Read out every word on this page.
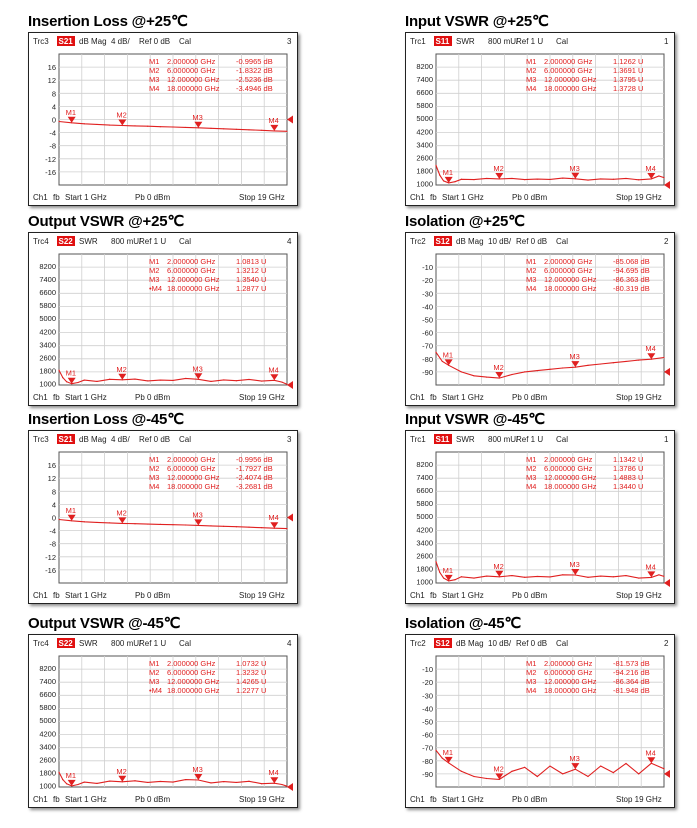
Insertion Loss @+25℃
Trc3 S21 dB Mag 4 dB/ Ref 0 dB Cal	3
16
12
8
4
0
-4
-8
-12
-16
M1	M2	M3	M4
M1 2.000000 GHz	-0.9965 dB
M2 6.000000 GHz	-1.8322 dB
M3 12.000000 GHz -2.5236 dB
M4 18.000000 GHz -3.4946 dB
Ch1 fb Start 1 GHz	Pb 0 dBm	Stop 19 GHz
Input VSWR @+25℃
Trc1 S11 SWR 800 mU/
Ref 1 U Cal	1
8200
7400
6600
5800
5000
4200
3400
2600
1800
1000
M1	M2	M3	M4
M1 2.000000 GHz	1.1262 U
M2 6.000000 GHz	1.3691 U
M3 12.000000 GHz 1.3795 U
M4 18.000000 GHz 1.3728 U
Ch1 fb Start 1 GHz	Pb 0 dBm	Stop 19 GHz
Output VSWR @+25℃
Trc4 S22 SWR 800 mU/
Ref 1 U Cal	4
8200
7400
6600
5800
5000
4200
3400
2600
1800
1000
M1	M2	M3	M4
M1 2.000000 GHz	1.0813 U
M2 6.000000 GHz	1.3212 U
M3 12.000000 GHz 1.3540 U
•M4 18.000000 GHz 1.2877 U
Ch1 fb Start 1 GHz	Pb 0 dBm	Stop 19 GHz
Isolation @+25℃
Trc2 S12 dB Mag 10 dB/ Ref 0 dB Cal	2
-10
-20
-30
-40
-50
-60
-70
-80
-90
M1
M2
M3
M4
M1 2.000000 GHz	-85.068 dB
M2 6.000000 GHz	-94.695 dB
M3 12.000000 GHz -86.363 dB
M4 18.000000 GHz -80.319 dB
Ch1 fb Start 1 GHz	Pb 0 dBm	Stop 19 GHz
Insertion Loss @-45℃
Trc3 S21 dB Mag 4 dB/ Ref 0 dB Cal	3
16
12
8
4
0
-4
-8
-12
-16
M1	M2	M3	M4
M1 2.000000 GHz	-0.9956 dB
M2 6.000000 GHz	-1.7927 dB
M3 12.000000 GHz -2.4074 dB
M4 18.000000 GHz -3.2681 dB
Ch1 fb Start 1 GHz	Pb 0 dBm	Stop 19 GHz
Input VSWR @-45℃
Trc1 S11 SWR 800 mU/
Ref 1 U Cal	1
8200
7400
6600
5800
5000
4200
3400
2600
1800
1000
M1	M2	M3	M4
M1 2.000000 GHz	1.1342 U
M2 6.000000 GHz	1.3786 U
M3 12.000000 GHz 1.4883 U
M4 18.000000 GHz 1.3440 U
Ch1 fb Start 1 GHz	Pb 0 dBm	Stop 19 GHz
Output VSWR @-45℃
Trc4 S22 SWR 800 mU/
Ref 1 U Cal	4
8200
7400
6600
5800
5000
4200
3400
2600
1800
1000
M1	M2	M3	M4
M1 2.000000 GHz	1.0732 U
M2 6.000000 GHz	1.3232 U
M3 12.000000 GHz 1.4265 U
•M4 18.000000 GHz 1.2277 U
Ch1 fb Start 1 GHz	Pb 0 dBm	Stop 19 GHz
Isolation @-45℃
Trc2 S12 dB Mag 10 dB/ Ref 0 dB Cal	2
-10
-20
-30
-40
-50
-60
-70
-80
-90
M1
M2
M3
M4
M1 2.000000 GHz	-81.573 dB
M2 6.000000 GHz	-94.216 dB
M3 12.000000 GHz -86.364 dB
M4 18.000000 GHz -81.948 dB
Ch1 fb Start 1 GHz	Pb 0 dBm	Stop 19 GHz
